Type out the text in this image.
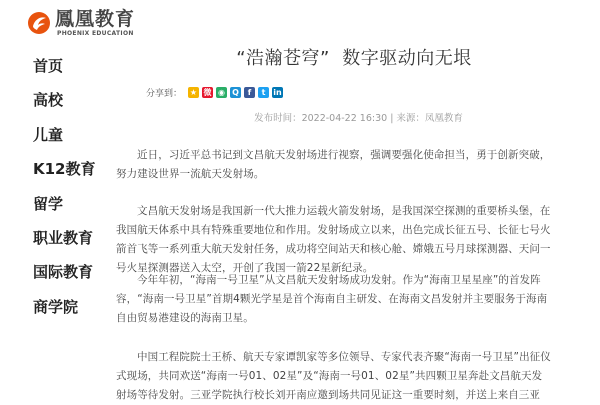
鳳凰教育
PHOENIX EDUCATION
首页
高校
儿童
K12教育
留学
职业教育
国际教育
商学院
“浩瀚苍穹”  数字驱动向无垠
分享到： ★ 微 ◉ Q	f	t in
发布时间：2022-04-22 16:30 | 来源：凤凰教育

近日，习近平总书记到文昌航天发射场进行视察，强调要强化使命担当，勇于创新突破，努力建设世界一流航天发射场。

文昌航天发射场是我国新一代大推力运载火箭发射场，是我国深空探测的重要桥头堡，在我国航天体系中具有特殊重要地位和作用。发射场成立以来，出色完成长征五号、长征七号火箭首飞等一系列重大航天发射任务，成功将空间站天和核心舱、嫦娥五号月球探测器、天问一号火星探测器送入太空，开创了我国一箭22星新纪录。

今年年初，“海南一号卫星”从文昌航天发射场成功发射。作为“海南卫星星座”的首发阵容，“海南一号卫星”首期4颗光学星是首个海南自主研发、在海南文昌发射并主要服务于海南自由贸易港建设的海南卫星。

中国工程院院士王桥、航天专家谭凯家等多位领导、专家代表齐聚“海南一号卫星”出征仪式现场，共同欢送“海南一号01、02星”及“海南一号01、02星”共四颗卫星奔赴文昌航天发射场等待发射。三亚学院执行校长刘开南应邀到场共同见证这一重要时刻，并送上来自三亚
